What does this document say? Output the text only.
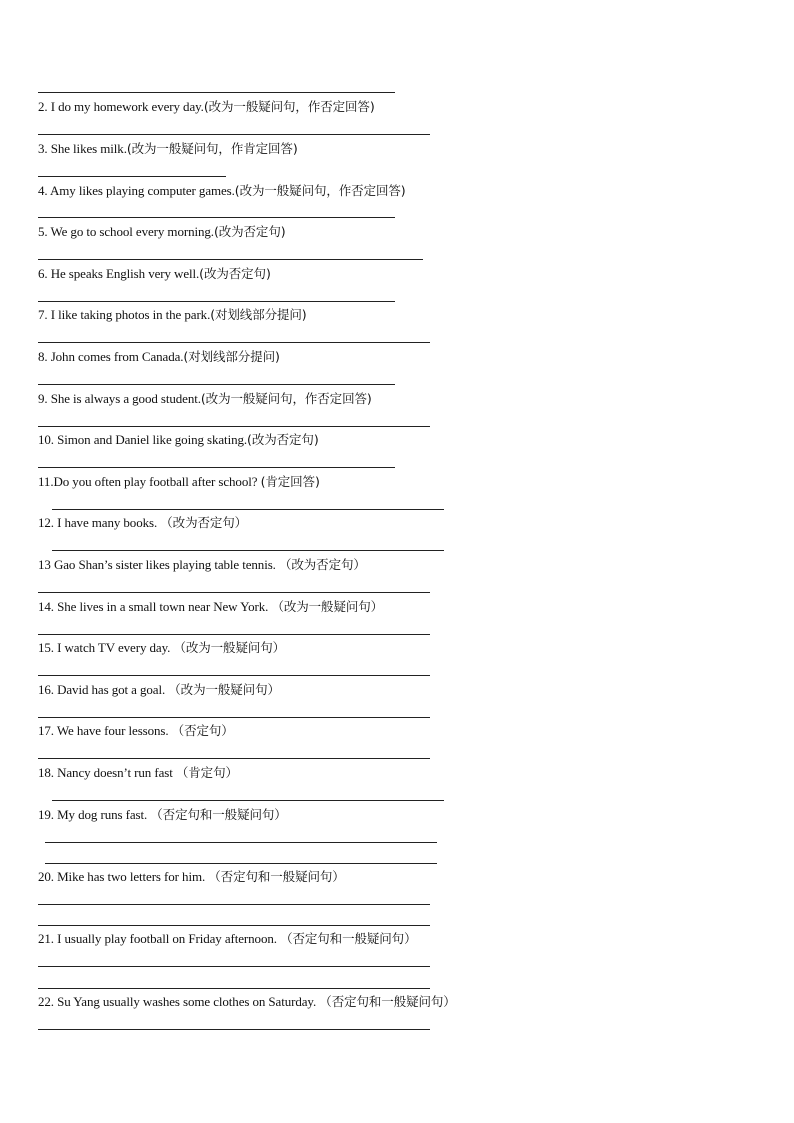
2. I do my homework every day.(改为一般疑问句，作否定回答)
3. She likes milk.(改为一般疑问句，作肯定回答)
4. Amy likes playing computer games.(改为一般疑问句，作否定回答)
5. We go to school every morning.(改为否定句)
6. He speaks English very well.(改为否定句)
7. I like taking photos in the park.(对划线部分提问)
8. John comes from Canada.(对划线部分提问)
9. She is always a good student.(改为一般疑问句，作否定回答)
10. Simon and Daniel like going skating.(改为否定句)
11.Do you often play football after school? (肯定回答)
12. I have many books. （改为否定句）
13 Gao Shan’s sister likes playing table tennis. （改为否定句）
14. She lives in a small town near New York. （改为一般疑问句）
15. I watch TV every day. （改为一般疑问句）
16. David has got a goal. （改为一般疑问句）
17. We have four lessons. （否定句）
18. Nancy doesn’t run fast （肯定句）
19. My dog runs fast. （否定句和一般疑问句）
20. Mike has two letters for him. （否定句和一般疑问句）
21. I usually play football on Friday afternoon. （否定句和一般疑问句）
22. Su Yang usually washes some clothes on Saturday. （否定句和一般疑问句）
